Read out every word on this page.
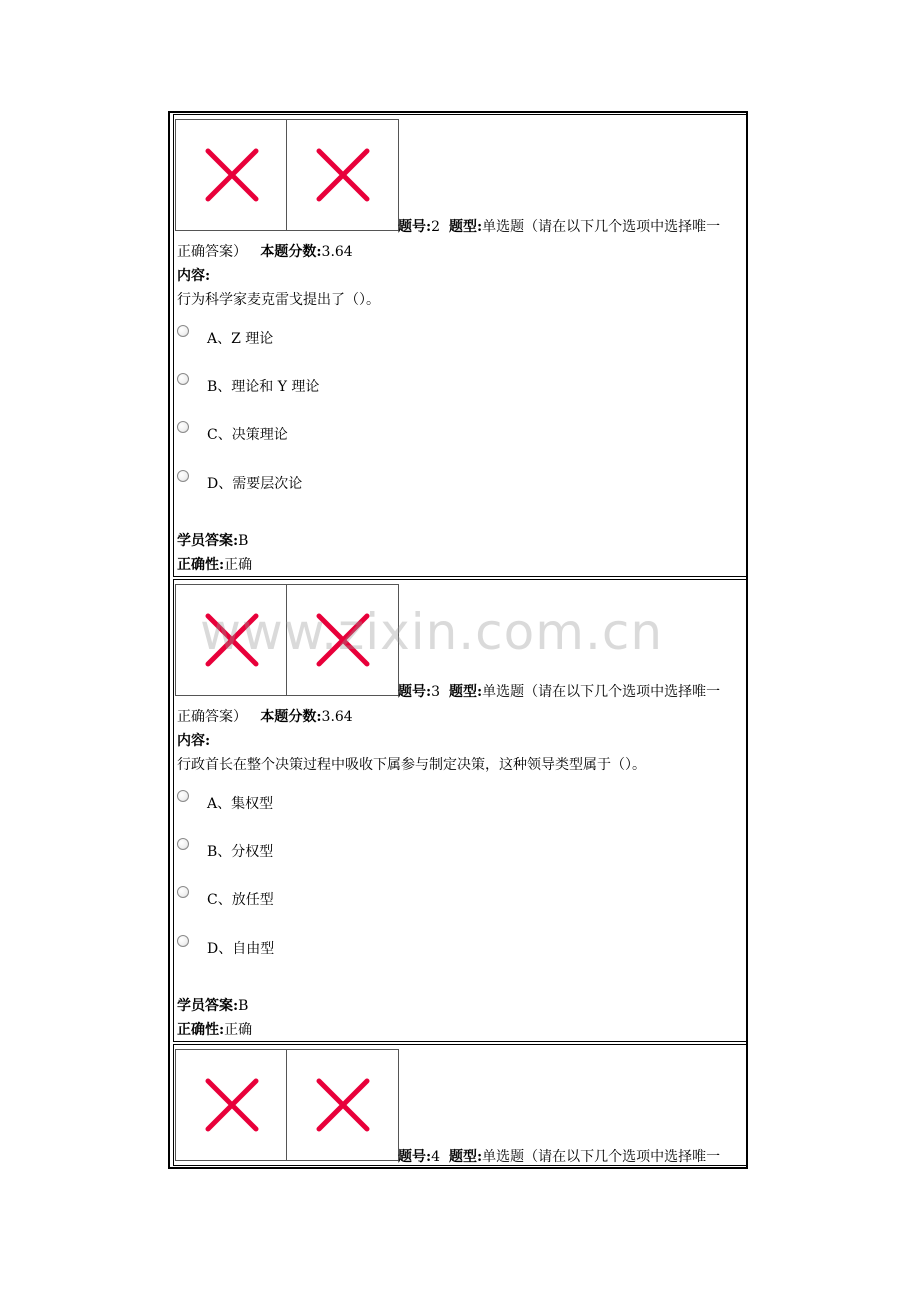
题号:2 题型:单选题（请在以下几个选项中选择唯一
正确答案） 本题分数:3.64
内容:
行为科学家麦克雷戈提出了（）。
A、Z 理论
B、理论和 Y 理论
C、决策理论
D、需要层次论
学员答案:B
正确性:正确
题号:3 题型:单选题（请在以下几个选项中选择唯一
正确答案） 本题分数:3.64
内容:
行政首长在整个决策过程中吸收下属参与制定决策，这种领导类型属于（）。
A、集权型
B、分权型
C、放任型
D、自由型
学员答案:B
正确性:正确
题号:4 题型:单选题（请在以下几个选项中选择唯一
www.zixin.com.cn
